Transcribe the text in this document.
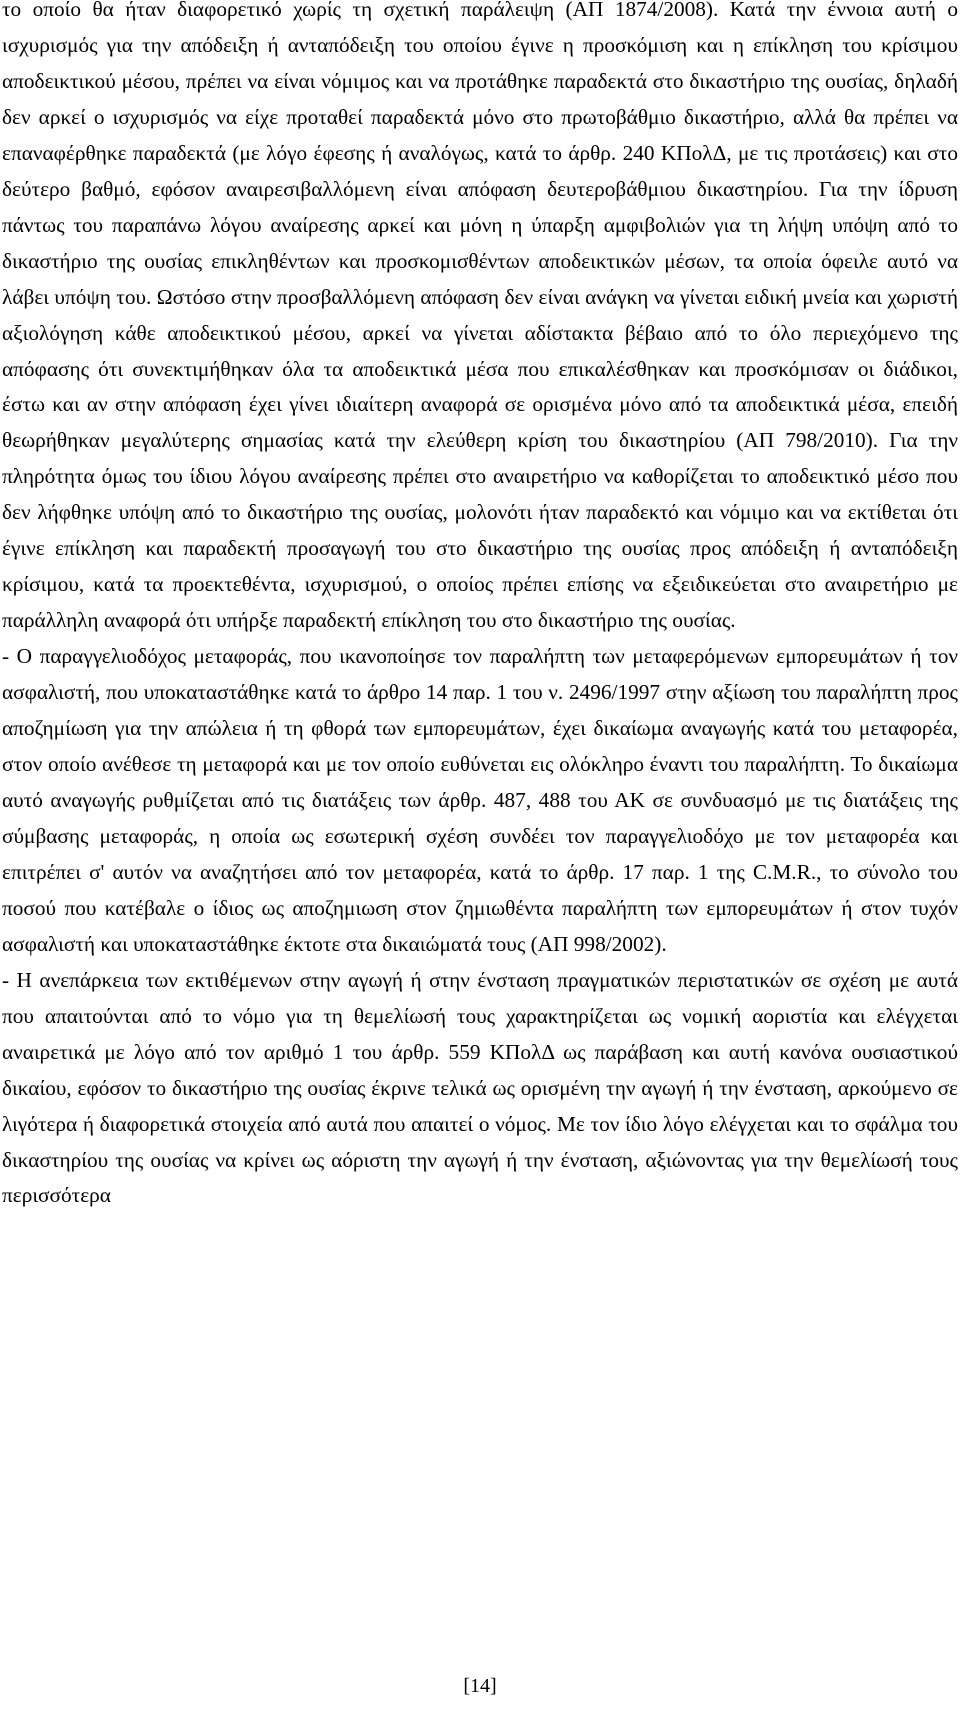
το οποίο θα ήταν διαφορετικό χωρίς τη σχετική παράλειψη (ΑΠ 1874/2008). Κατά την έννοια αυτή ο ισχυρισμός για την απόδειξη ή ανταπόδειξη του οποίου έγινε η προσκόμιση και η επίκληση του κρίσιμου αποδεικτικού μέσου, πρέπει να είναι νόμιμος και να προτάθηκε παραδεκτά στο δικαστήριο της ουσίας, δηλαδή δεν αρκεί ο ισχυρισμός να είχε προταθεί παραδεκτά μόνο στο πρωτοβάθμιο δικαστήριο, αλλά θα πρέπει να επαναφέρθηκε παραδεκτά (με λόγο έφεσης ή αναλόγως, κατά το άρθρ. 240 ΚΠολΔ, με τις προτάσεις) και στο δεύτερο βαθμό, εφόσον αναιρεσιβαλλόμενη είναι απόφαση δευτεροβάθμιου δικαστηρίου. Για την ίδρυση πάντως του παραπάνω λόγου αναίρεσης αρκεί και μόνη η ύπαρξη αμφιβολιών για τη λήψη υπόψη από το δικαστήριο της ουσίας επικληθέντων και προσκομισθέντων αποδεικτικών μέσων, τα οποία όφειλε αυτό να λάβει υπόψη του. Ωστόσο στην προσβαλλόμενη απόφαση δεν είναι ανάγκη να γίνεται ειδική μνεία και χωριστή αξιολόγηση κάθε αποδεικτικού μέσου, αρκεί να γίνεται αδίστακτα βέβαιο από το όλο περιεχόμενο της απόφασης ότι συνεκτιμήθηκαν όλα τα αποδεικτικά μέσα που επικαλέσθηκαν και προσκόμισαν οι διάδικοι, έστω και αν στην απόφαση έχει γίνει ιδιαίτερη αναφορά σε ορισμένα μόνο από τα αποδεικτικά μέσα, επειδή θεωρήθηκαν μεγαλύτερης σημασίας κατά την ελεύθερη κρίση του δικαστηρίου (ΑΠ 798/2010). Για την πληρότητα όμως του ίδιου λόγου αναίρεσης πρέπει στο αναιρετήριο να καθορίζεται το αποδεικτικό μέσο που δεν λήφθηκε υπόψη από το δικαστήριο της ουσίας, μολονότι ήταν παραδεκτό και νόμιμο και να εκτίθεται ότι έγινε επίκληση και παραδεκτή προσαγωγή του στο δικαστήριο της ουσίας προς απόδειξη ή ανταπόδειξη κρίσιμου, κατά τα προεκτεθέντα, ισχυρισμού, ο οποίος πρέπει επίσης να εξειδικεύεται στο αναιρετήριο με παράλληλη αναφορά ότι υπήρξε παραδεκτή επίκληση του στο δικαστήριο της ουσίας.

- Ο παραγγελιοδόχος μεταφοράς, που ικανοποίησε τον παραλήπτη των μεταφερόμενων εμπορευμάτων ή τον ασφαλιστή, που υποκαταστάθηκε κατά το άρθρο 14 παρ. 1 του ν. 2496/1997 στην αξίωση του παραλήπτη προς αποζημίωση για την απώλεια ή τη φθορά των εμπορευμάτων, έχει δικαίωμα αναγωγής κατά του μεταφορέα, στον οποίο ανέθεσε τη μεταφορά και με τον οποίο ευθύνεται εις ολόκληρο έναντι του παραλήπτη. Το δικαίωμα αυτό αναγωγής ρυθμίζεται από τις διατάξεις των άρθρ. 487, 488 του ΑΚ σε συνδυασμό με τις διατάξεις της σύμβασης μεταφοράς, η οποία ως εσωτερική σχέση συνδέει τον παραγγελιοδόχο με τον μεταφορέα και επιτρέπει σ' αυτόν να αναζητήσει από τον μεταφορέα, κατά το άρθρ. 17 παρ. 1 της C.M.R., το σύνολο του ποσού που κατέβαλε ο ίδιος ως αποζημιωση στον ζημιωθέντα παραλήπτη των εμπορευμάτων ή στον τυχόν ασφαλιστή και υποκαταστάθηκε έκτοτε στα δικαιώματά τους (ΑΠ 998/2002).

- Η ανεπάρκεια των εκτιθέμενων στην αγωγή ή στην ένσταση πραγματικών περιστατικών σε σχέση με αυτά που απαιτούνται από το νόμο για τη θεμελίωσή τους χαρακτηρίζεται ως νομική αοριστία και ελέγχεται αναιρετικά με λόγο από τον αριθμό 1 του άρθρ. 559 ΚΠολΔ ως παράβαση και αυτή κανόνα ουσιαστικού δικαίου, εφόσον το δικαστήριο της ουσίας έκρινε τελικά ως ορισμένη την αγωγή ή την ένσταση, αρκούμενο σε λιγότερα ή διαφορετικά στοιχεία από αυτά που απαιτεί ο νόμος. Με τον ίδιο λόγο ελέγχεται και το σφάλμα του δικαστηρίου της ουσίας να κρίνει ως αόριστη την αγωγή ή την ένσταση, αξιώνοντας για την θεμελίωσή τους περισσότερα

[14]
